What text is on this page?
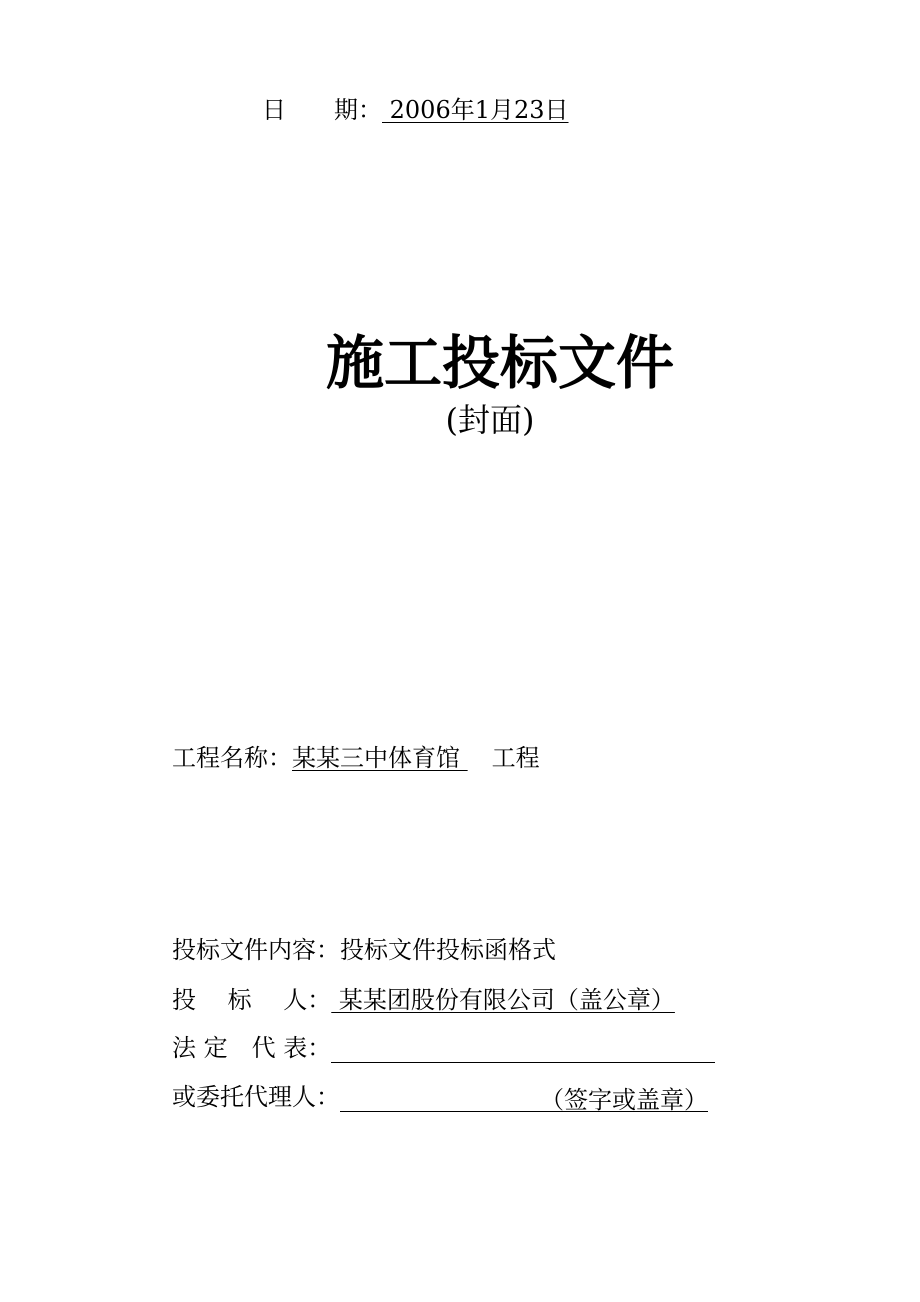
日　　期： 2006年1月23日
施工投标文件
(封面)
工程名称：某某三中体育馆 　工程
投标文件内容：投标文件投标函格式
投　 标　 人： 某某团股份有限公司（盖公章）
法 定　代 表：
或委托代理人：	（签字或盖章）
